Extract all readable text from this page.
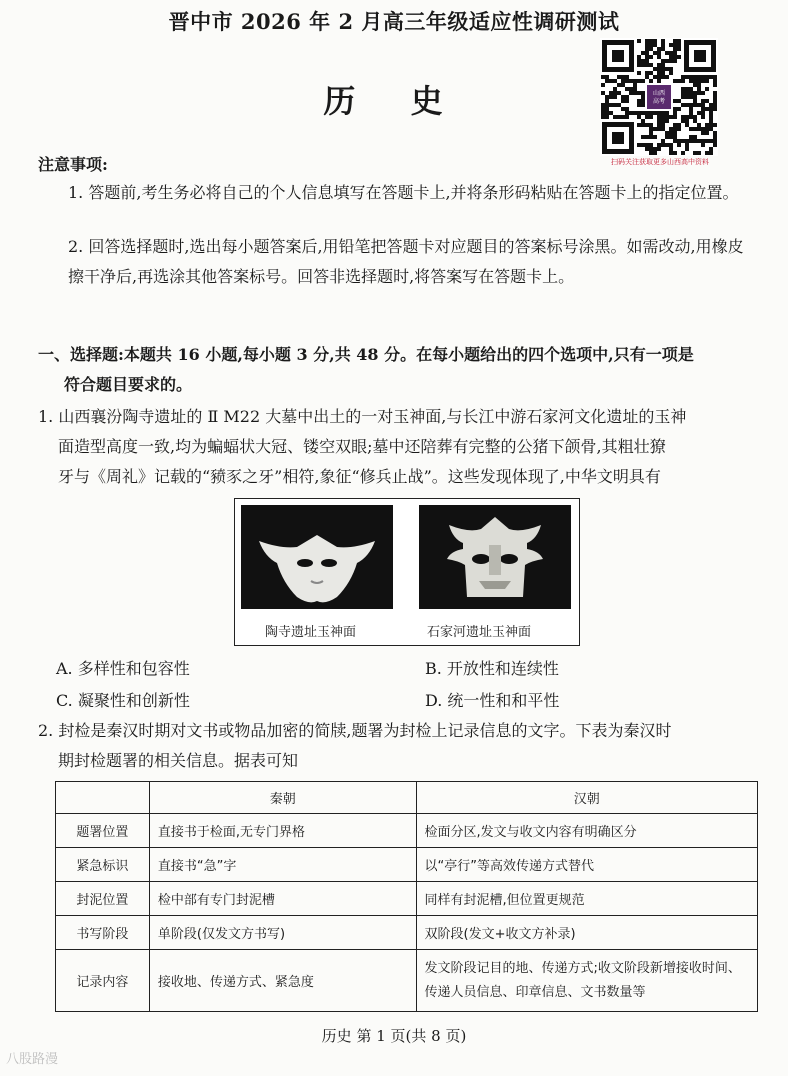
晋中市 2026 年 2 月高三年级适应性调研测试
历 史	山西
高考
扫码关注获取更多山西高中资料
注意事项:
1. 答题前,考生务必将自己的个人信息填写在答题卡上,并将条形码粘贴在答题卡上的指定位置。
2. 回答选择题时,选出每小题答案后,用铅笔把答题卡对应题目的答案标号涂黑。如需改动,用橡皮擦干净后,再选涂其他答案标号。回答非选择题时,将答案写在答题卡上。
一、选择题:本题共 16 小题,每小题 3 分,共 48 分。在每小题给出的四个选项中,只有一项是
符合题目要求的。
1. 山西襄汾陶寺遗址的 Ⅱ M22 大墓中出土的一对玉神面,与长江中游石家河文化遗址的玉神
面造型高度一致,均为蝙蝠状大冠、镂空双眼;墓中还陪葬有完整的公猪下颌骨,其粗壮獠
牙与《周礼》记载的“豮豕之牙”相符,象征“修兵止战”。这些发现体现了,中华文明具有
陶寺遗址玉神面	石家河遗址玉神面
A. 多样性和包容性	B. 开放性和连续性
C. 凝聚性和创新性	D. 统一性和和平性
2. 封检是秦汉时期对文书或物品加密的简牍,题署为封检上记录信息的文字。下表为秦汉时
期封检题署的相关信息。据表可知
	秦朝	汉朝
题署位置	直接书于检面,无专门界格	检面分区,发文与收文内容有明确区分
紧急标识	直接书“急”字	以“亭行”等高效传递方式替代
封泥位置	检中部有专门封泥槽	同样有封泥槽,但位置更规范
书写阶段	单阶段(仅发文方书写)	双阶段(发文+收文方补录)
记录内容	接收地、传递方式、紧急度	发文阶段记目的地、传递方式;收文阶段新增接收时间、传递人员信息、印章信息、文书数量等
历史 第 1 页(共 8 页)
八股路漫
